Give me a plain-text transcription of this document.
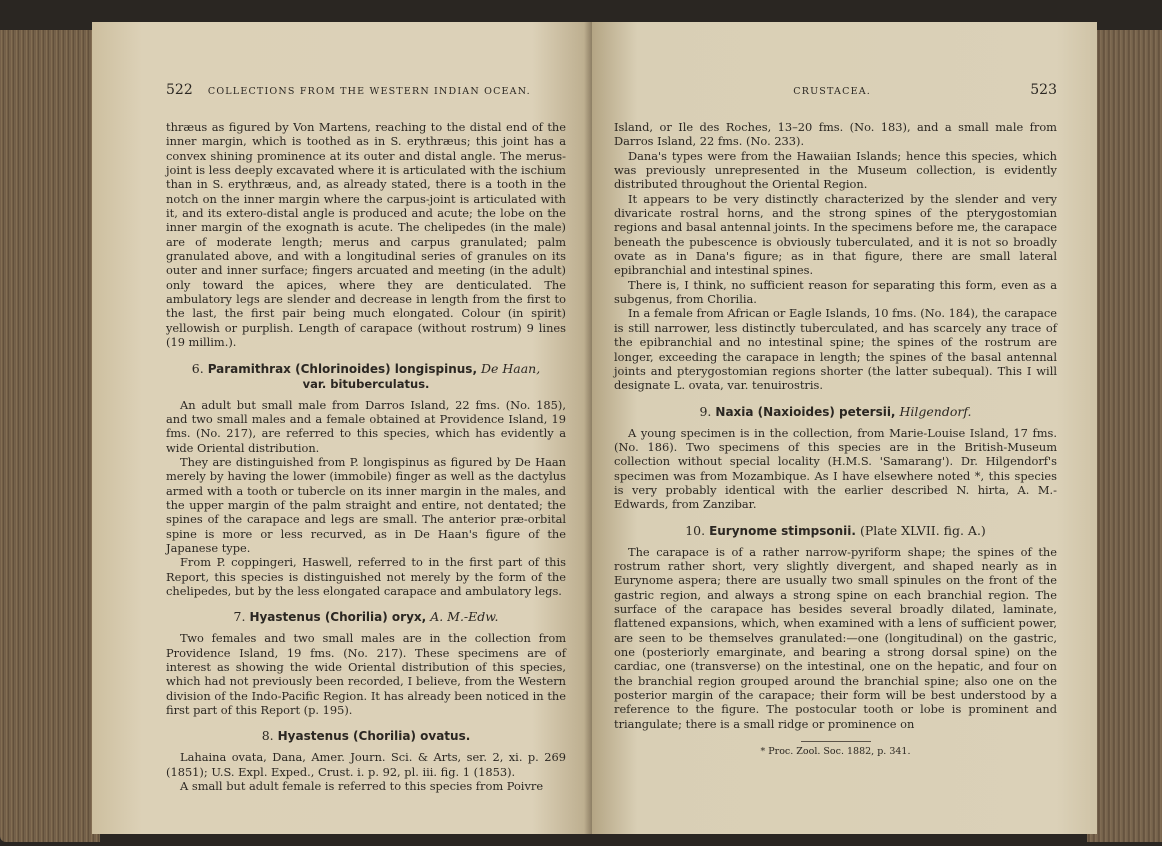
522 COLLECTIONS FROM THE WESTERN INDIAN OCEAN.

thræus as figured by Von Martens, reaching to the distal end of the inner margin, which is toothed as in S. erythræus; this joint has a convex shining prominence at its outer and distal angle. The merus-joint is less deeply excavated where it is articulated with the ischium than in S. erythræus, and, as already stated, there is a tooth in the notch on the inner margin where the carpus-joint is articulated with it, and its extero-distal angle is produced and acute; the lobe on the inner margin of the exognath is acute. The chelipedes (in the male) are of moderate length; merus and carpus granulated; palm granulated above, and with a longitudinal series of granules on its outer and inner surface; fingers arcuated and meeting (in the adult) only toward the apices, where they are denticulated. The ambulatory legs are slender and decrease in length from the first to the last, the first pair being much elongated. Colour (in spirit) yellowish or purplish. Length of carapace (without rostrum) 9 lines (19 millim.).

6. Paramithrax (Chlorinoides) longispinus, De Haan,
var. bituberculatus.

An adult but small male from Darros Island, 22 fms. (No. 185), and two small males and a female obtained at Providence Island, 19 fms. (No. 217), are referred to this species, which has evidently a wide Oriental distribution.

They are distinguished from P. longispinus as figured by De Haan merely by having the lower (immobile) finger as well as the dactylus armed with a tooth or tubercle on its inner margin in the males, and the upper margin of the palm straight and entire, not dentated; the spines of the carapace and legs are small. The anterior præ-orbital spine is more or less recurved, as in De Haan's figure of the Japanese type.

From P. coppingeri, Haswell, referred to in the first part of this Report, this species is distinguished not merely by the form of the chelipedes, but by the less elongated carapace and ambulatory legs.

7. Hyastenus (Chorilia) oryx, A. M.-Edw.

Two females and two small males are in the collection from Providence Island, 19 fms. (No. 217). These specimens are of interest as showing the wide Oriental distribution of this species, which had not previously been recorded, I believe, from the Western division of the Indo-Pacific Region. It has already been noticed in the first part of this Report (p. 195).

8. Hyastenus (Chorilia) ovatus.

Lahaina ovata, Dana, Amer. Journ. Sci. & Arts, ser. 2, xi. p. 269 (1851); U.S. Expl. Exped., Crust. i. p. 92, pl. iii. fig. 1 (1853).

A small but adult female is referred to this species from Poivre

CRUSTACEA.	523

Island, or Ile des Roches, 13–20 fms. (No. 183), and a small male from Darros Island, 22 fms. (No. 233).

Dana's types were from the Hawaiian Islands; hence this species, which was previously unrepresented in the Museum collection, is evidently distributed throughout the Oriental Region.

It appears to be very distinctly characterized by the slender and very divaricate rostral horns, and the strong spines of the pterygostomian regions and basal antennal joints. In the specimens before me, the carapace beneath the pubescence is obviously tuberculated, and it is not so broadly ovate as in Dana's figure; as in that figure, there are small lateral epibranchial and intestinal spines.

There is, I think, no sufficient reason for separating this form, even as a subgenus, from Chorilia.

In a female from African or Eagle Islands, 10 fms. (No. 184), the carapace is still narrower, less distinctly tuberculated, and has scarcely any trace of the epibranchial and no intestinal spine; the spines of the rostrum are longer, exceeding the carapace in length; the spines of the basal antennal joints and pterygostomian regions shorter (the latter subequal). This I will designate L. ovata, var. tenuirostris.

9. Naxia (Naxioides) petersii, Hilgendorf.

A young specimen is in the collection, from Marie-Louise Island, 17 fms. (No. 186). Two specimens of this species are in the British-Museum collection without special locality (H.M.S. 'Samarang'). Dr. Hilgendorf's specimen was from Mozambique. As I have elsewhere noted *, this species is very probably identical with the earlier described N. hirta, A. M.-Edwards, from Zanzibar.

10. Eurynome stimpsonii. (Plate XLVII. fig. A.)

The carapace is of a rather narrow-pyriform shape; the spines of the rostrum rather short, very slightly divergent, and shaped nearly as in Eurynome aspera; there are usually two small spinules on the front of the gastric region, and always a strong spine on each branchial region. The surface of the carapace has besides several broadly dilated, laminate, flattened expansions, which, when examined with a lens of sufficient power, are seen to be themselves granulated:—one (longitudinal) on the gastric, one (posteriorly emarginate, and bearing a strong dorsal spine) on the cardiac, one (transverse) on the intestinal, one on the hepatic, and four on the branchial region grouped around the branchial spine; also one on the posterior margin of the carapace; their form will be best understood by a reference to the figure. The postocular tooth or lobe is prominent and triangulate; there is a small ridge or prominence on

* Proc. Zool. Soc. 1882, p. 341.
